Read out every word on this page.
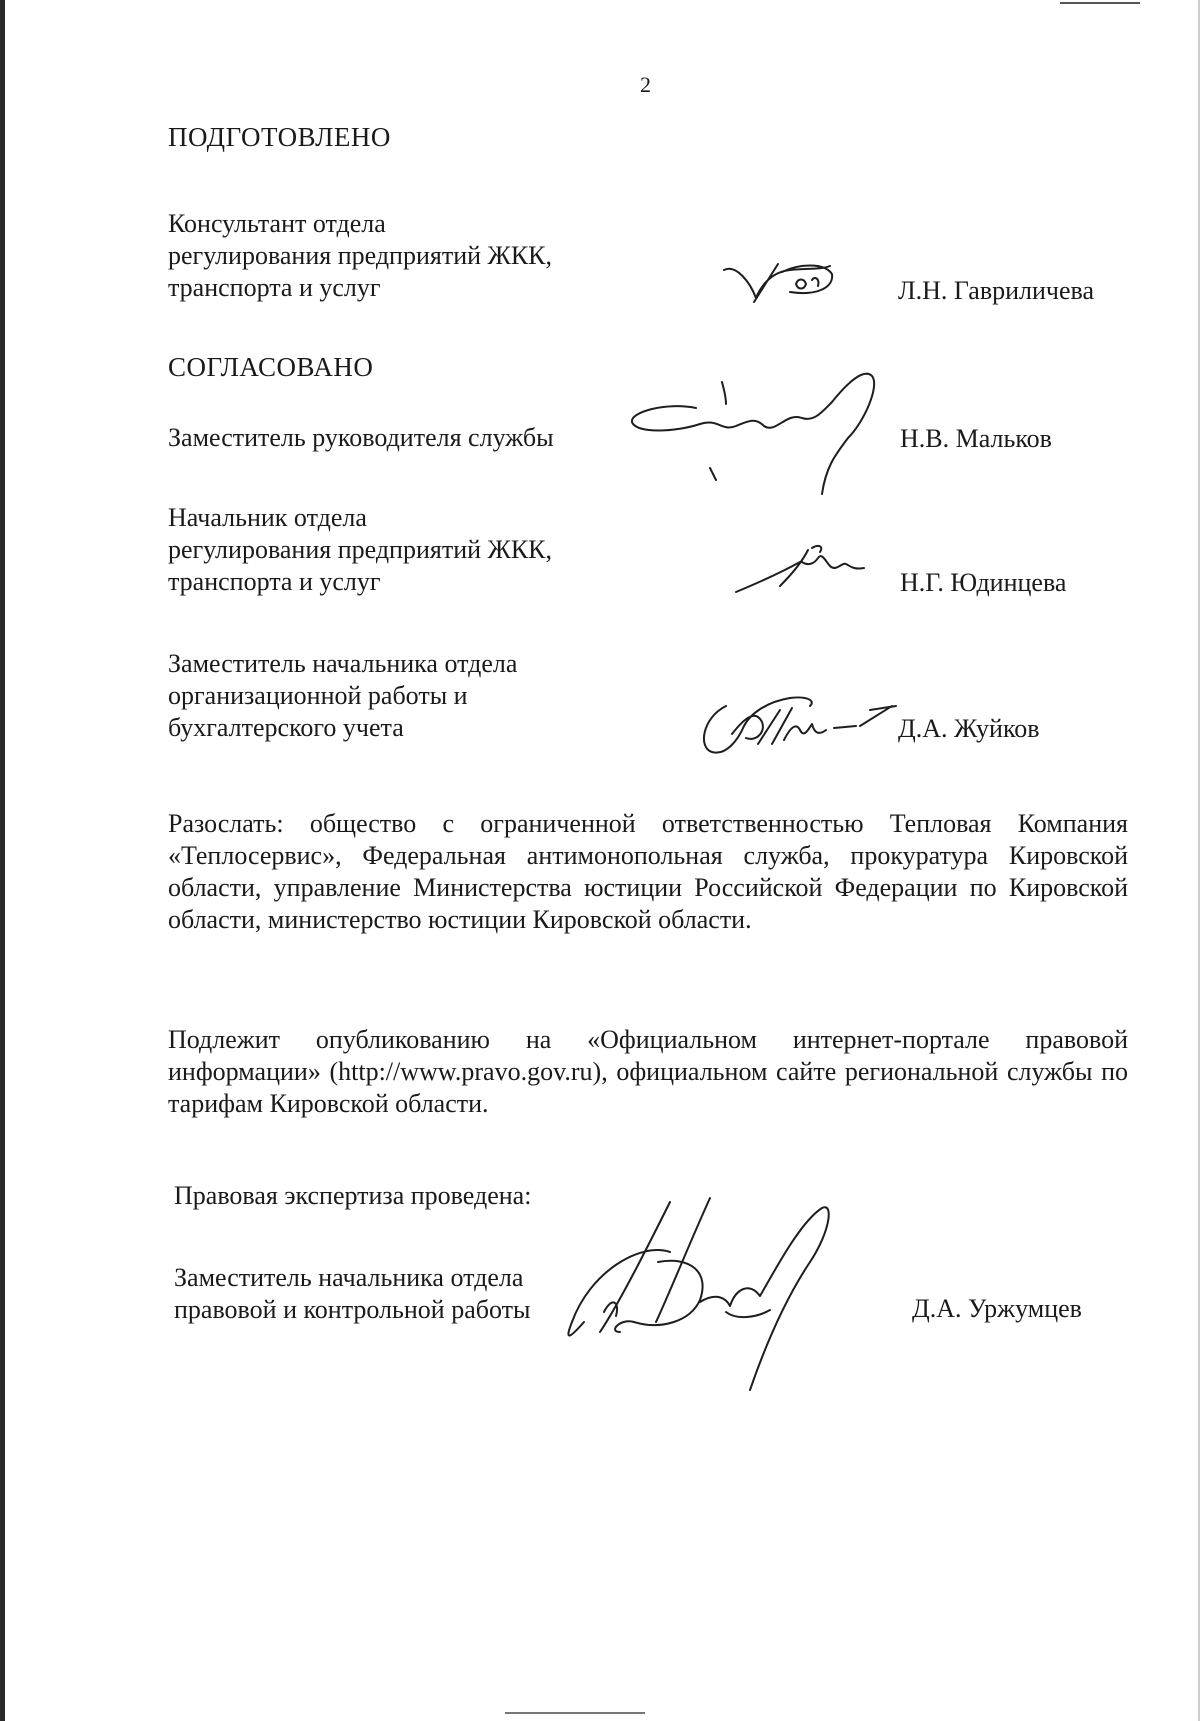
2
ПОДГОТОВЛЕНО
Консультант отдела
регулирования предприятий ЖКК,
транспорта и услуг	Л.Н. Гавриличева
СОГЛАСОВАНО
Заместитель руководителя службы	Н.В. Мальков
Начальник отдела
регулирования предприятий ЖКК,
транспорта и услуг	Н.Г. Юдинцева
Заместитель начальника отдела
организационной работы и
бухгалтерского учета	Д.А. Жуйков
Разослать: общество с ограниченной ответственностью Тепловая Компания «Теплосервис», Федеральная антимонопольная служба, прокуратура Кировской области, управление Министерства юстиции Российской Федерации по Кировской области, министерство юстиции Кировской области.
Подлежит опубликованию на «Официальном интернет-портале правовой информации» (http://www.pravo.gov.ru), официальном сайте региональной службы по тарифам Кировской области.
Правовая экспертиза проведена:
Заместитель начальника отдела
правовой и контрольной работы	Д.А. Уржумцев
